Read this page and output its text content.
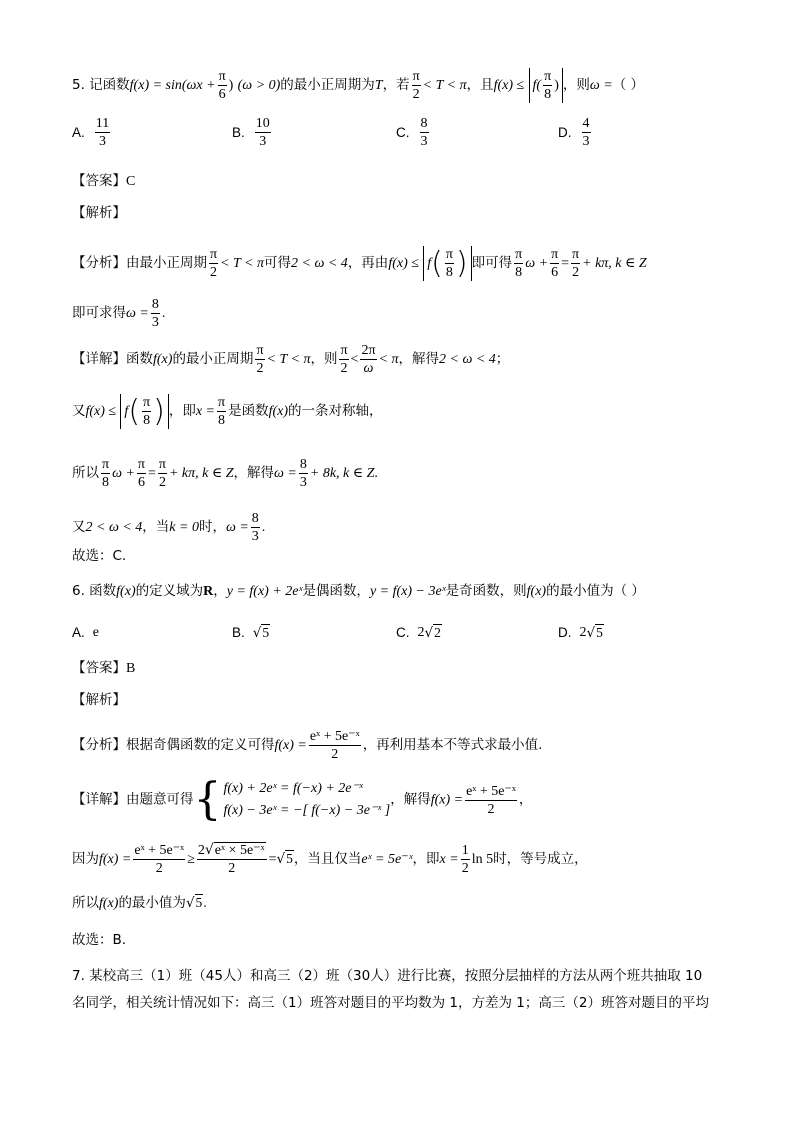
5. 记函数$f(x) = \sin(\omega x + \frac{\pi}{6}$ ) (ω > 0)的最小正周期为T，若 $\frac{\pi}{2} < T < \pi$，且$f(x) \le f( \frac{\pi}{8}$ ) ，则ω =（ ）
A. $\frac{11}{3}$	B. $\frac{10}{3}$	C. $\frac{8}{3}$	D. $\frac{4}{3}$
【答案】C
【解析】
【分析】由最小正周期 $\frac{\pi}{2} < T < \pi$可得2 < ω < 4，再由$f(x) \le f( \frac{\pi}{8}$ ) 即可得 $\frac{\pi}{8}$ $\omega + \frac{\pi}{6} = \frac{\pi}{2} + k\pi$, k ∈ Z
即可求得$\omega = \frac{8}{3}$ .
【详解】函数f(x)的最小正周期 $\frac{\pi}{2} < T < \pi$，则 $\frac{\pi}{2} < \frac{2\pi}{\omega} < \pi$，解得2 < ω < 4；
又$f(x) \le f( \frac{\pi}{8}$ ) ，即$x = \frac{\pi}{8}$ 是函数f(x)的一条对称轴，
所以 $\frac{\pi}{8}$ $\omega + \frac{\pi}{6} = \frac{\pi}{2} + k\pi$, k ∈ Z，解得$\omega = \frac{8}{3} + 8k$, k ∈ Z.
又2 < ω < 4，当k = 0时，$\omega = \frac{8}{3}$ .
故选：C.
6. 函数f(x)的定义域为R，y = f(x) + 2eˣ是偶函数，y = f(x) − 3eˣ是奇函数，则f(x)的最小值为（ ）
A. e	B. √5	C. 2 √2	D. 2 √5
【答案】B
【解析】
【分析】根据奇偶函数的定义可得$f(x) = \frac{\text{eˣ + 5e⁻ˣ}}{2}$ ，再利用基本不等式求最小值.
【详解】由题意可得{ f(x) + 2eˣ = f(−x) + 2e⁻ˣ
f(x) − 3eˣ = −[ f(−x) − 3e⁻ˣ ]
，解得$f(x) = \frac{\text{eˣ + 5e⁻ˣ}}{2}$ ，
因为$f(x) = \frac{\text{eˣ + 5e⁻ˣ}}{2} \ge \frac{\text{2√eˣ × 5e⁻ˣ}}{2} =√5$，当且仅当eˣ = 5e⁻ˣ，即$x = \frac{1}{2}$ ln 5时，等号成立，
所以f(x)的最小值为√5.
故选：B.
7. 某校高三（1）班（45人）和高三（2）班（30人）进行比赛，按照分层抽样的方法从两个班共抽取 10
名同学，相关统计情况如下：高三（1）班答对题目的平均数为 1，方差为 1；高三（2）班答对题目的平均
